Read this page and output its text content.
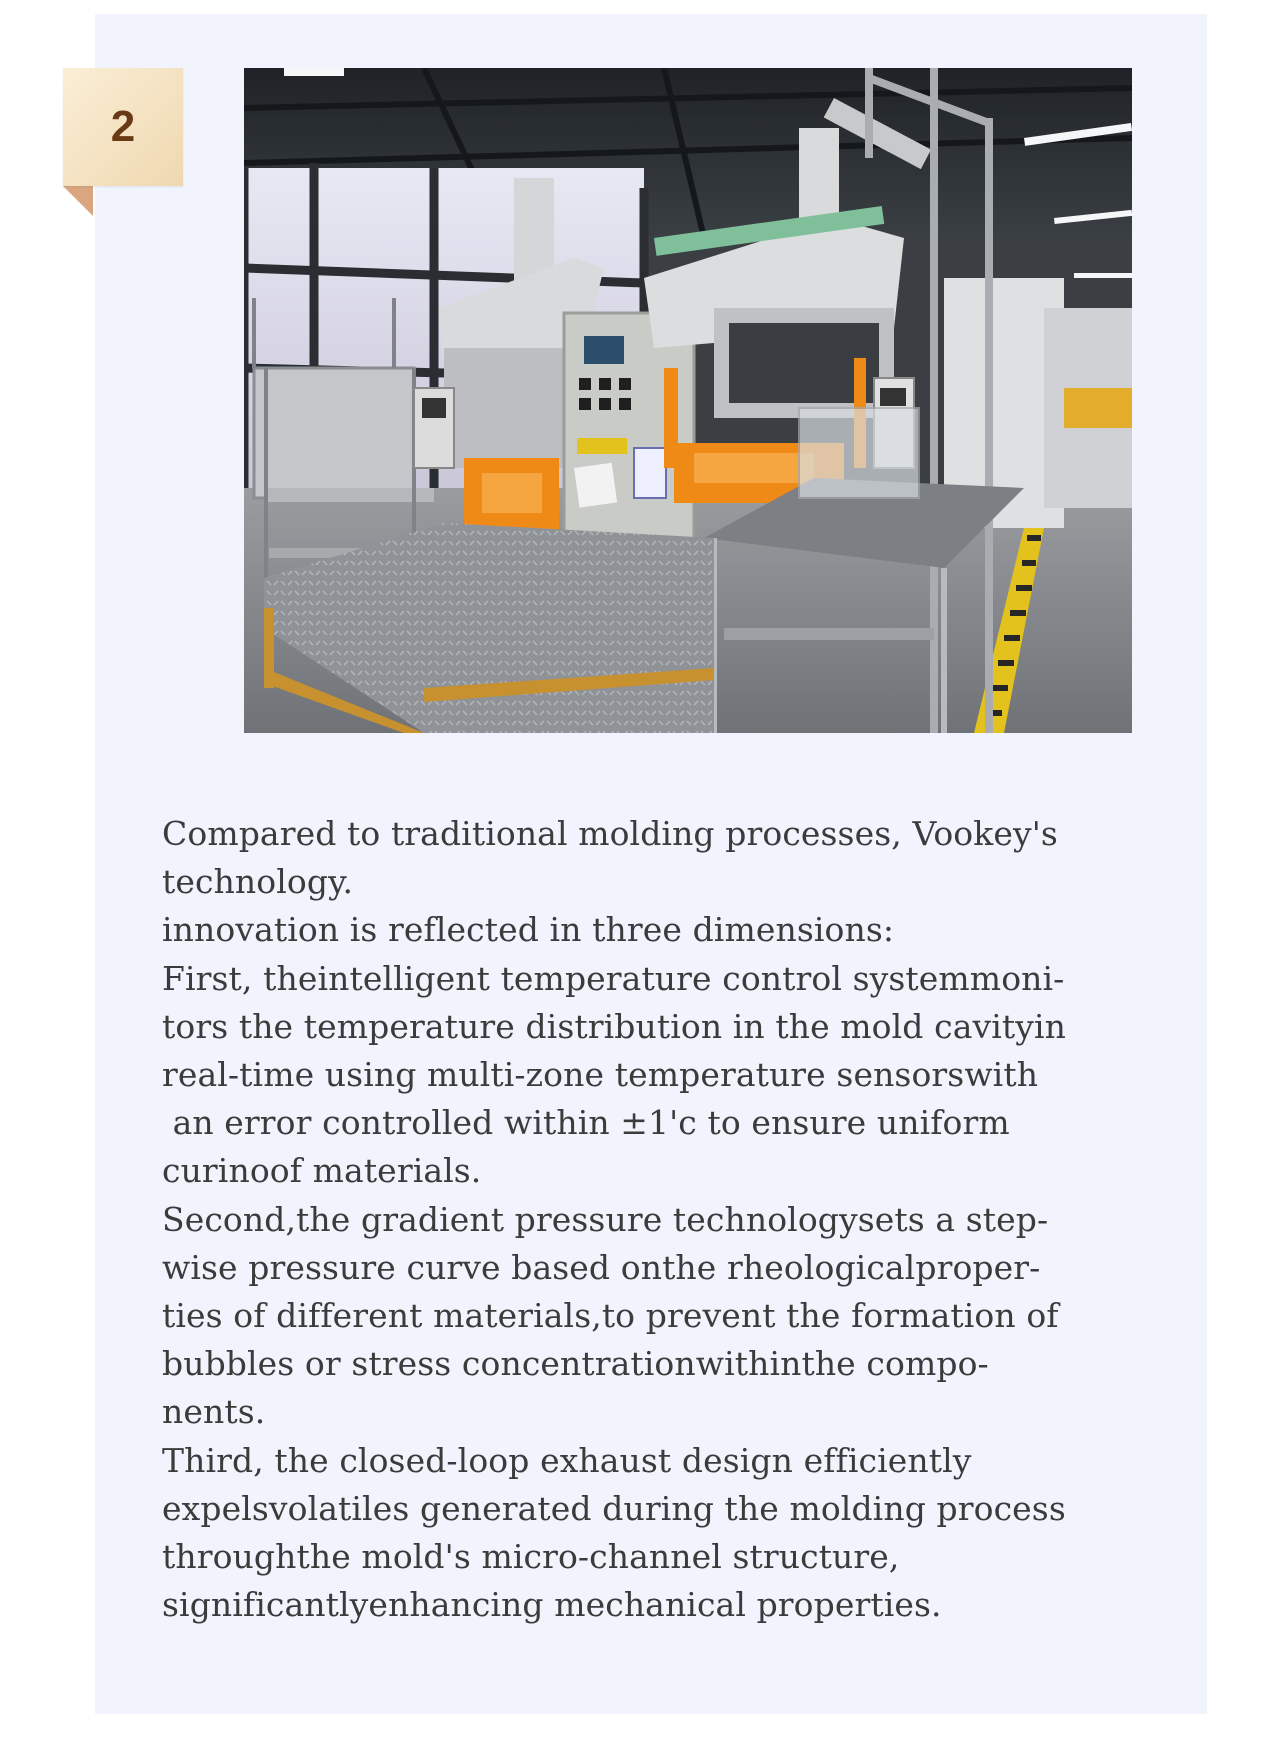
2
Compared to traditional molding processes, Vookey's
technology.
innovation is reflected in three dimensions:
First, theintelligent temperature control systemmoni-
tors the temperature distribution in the mold cavityin
real-time using multi-zone temperature sensorswith
an error controlled within ±1'c to ensure uniform
curinoof materials.
Second,the gradient pressure technologysets a step-
wise pressure curve based onthe rheologicalproper-
ties of different materials,to prevent the formation of
bubbles or stress concentrationwithinthe compo-
nents.
Third, the closed-loop exhaust design efficiently
expelsvolatiles generated during the molding process
throughthe mold's micro-channel structure,
significantlyenhancing mechanical properties.
